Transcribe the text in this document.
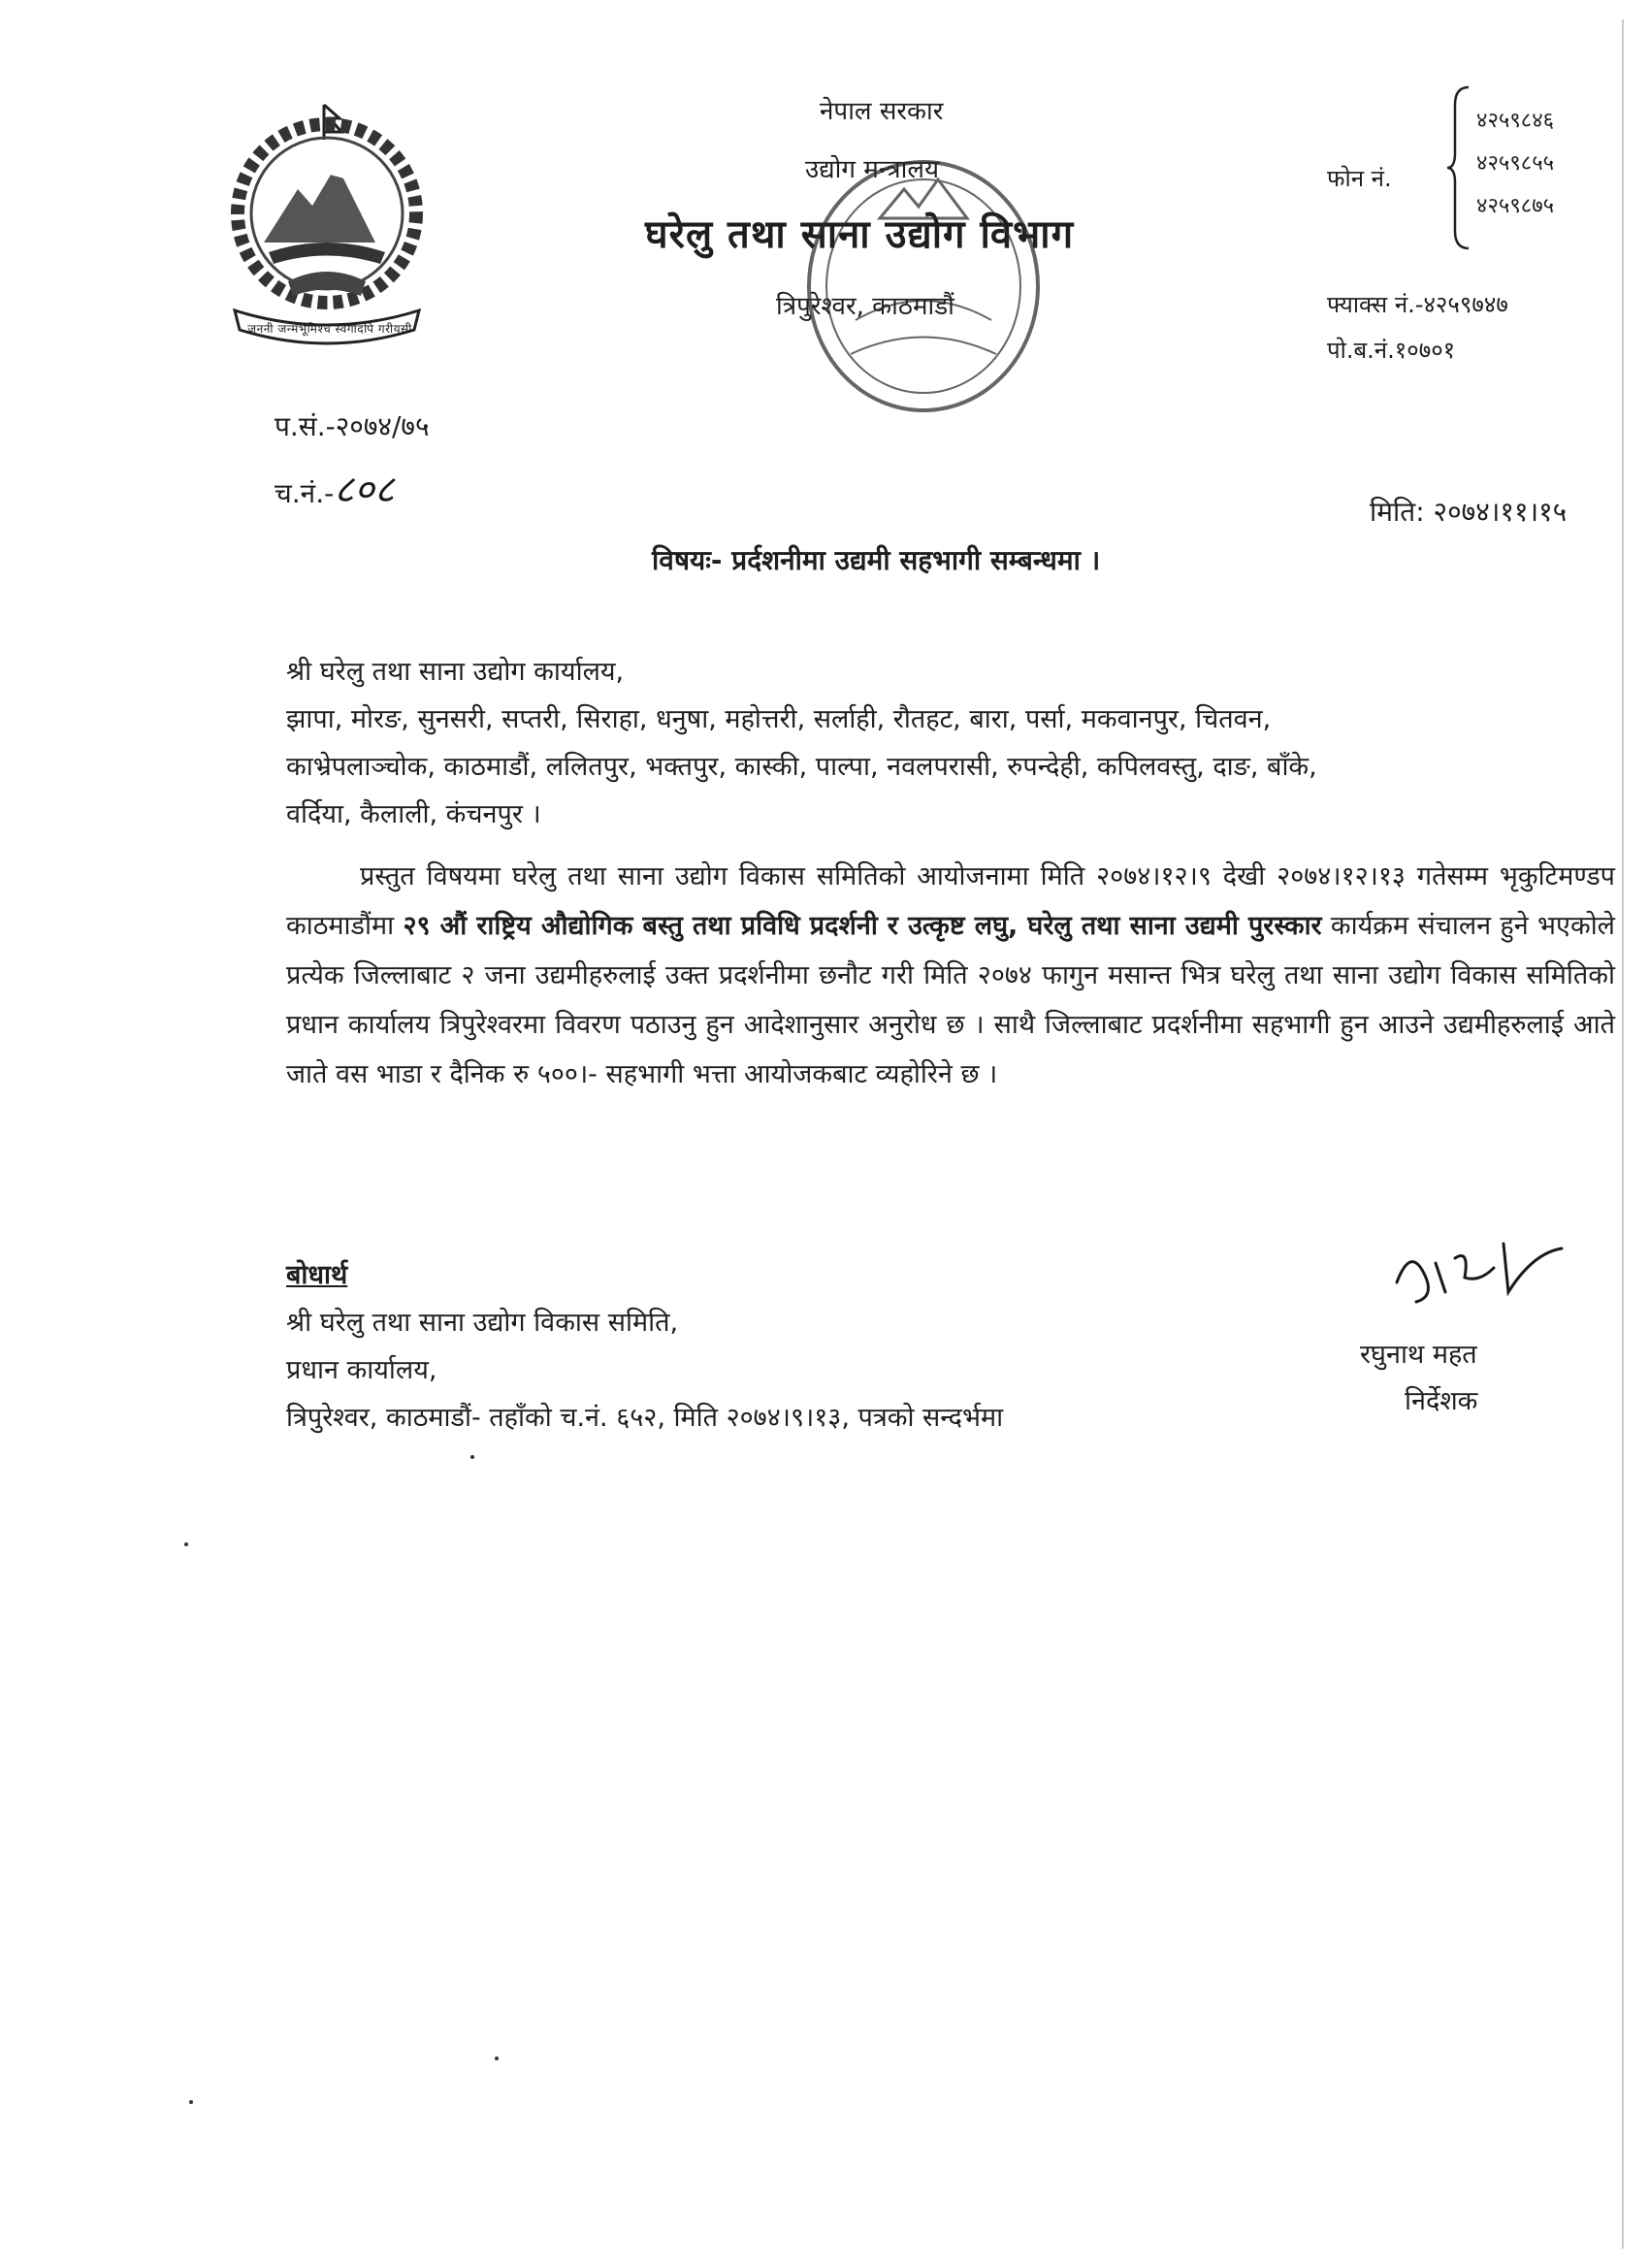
जननी जन्मभूमिश्च स्वर्गादपि गरीयसी
नेपाल सरकार
उद्योग मन्त्रालय
घरेलु तथा साना उद्योग विभाग
त्रिपुरेश्वर, काठमाडौं
फोन नं.
४२५९८४६
४२५९८५५
४२५९८७५
फ्याक्स नं.-४२५९७४७
पो.ब.नं.१०७०१
प.सं.-२०७४/७५
च.नं.-८०८	मिति: २०७४।११।१५
विषयः- प्रर्दशनीमा उद्यमी सहभागी सम्बन्धमा ।
श्री घरेलु तथा साना उद्योग कार्यालय,
झापा, मोरङ, सुनसरी, सप्तरी, सिराहा, धनुषा, महोत्तरी, सर्लाही, रौतहट, बारा, पर्सा, मकवानपुर, चितवन,
काभ्रेपलाञ्चोक, काठमाडौं, ललितपुर, भक्तपुर, कास्की, पाल्पा, नवलपरासी, रुपन्देही, कपिलवस्तु, दाङ, बाँके,
वर्दिया, कैलाली, कंचनपुर ।
प्रस्तुत विषयमा घरेलु तथा साना उद्योग विकास समितिको आयोजनामा मिति २०७४।१२।९ देखी २०७४।१२।१३ गतेसम्म भृकुटिमण्डप काठमाडौंमा २९ औं राष्ट्रिय औद्योगिक बस्तु तथा प्रविधि प्रदर्शनी र उत्कृष्ट लघु, घरेलु तथा साना उद्यमी पुरस्कार कार्यक्रम संचालन हुने भएकोले प्रत्येक जिल्लाबाट २ जना उद्यमीहरुलाई उक्त प्रदर्शनीमा छनौट गरी मिति २०७४ फागुन मसान्त भित्र घरेलु तथा साना उद्योग विकास समितिको प्रधान कार्यालय त्रिपुरेश्वरमा विवरण पठाउनु हुन आदेशानुसार अनुरोध छ । साथै जिल्लाबाट प्रदर्शनीमा सहभागी हुन आउने उद्यमीहरुलाई आते जाते वस भाडा र दैनिक रु ५००।- सहभागी भत्ता आयोजकबाट व्यहोरिने छ ।
बोधार्थ
श्री घरेलु तथा साना उद्योग विकास समिति,
प्रधान कार्यालय,
त्रिपुरेश्वर, काठमाडौं- तहाँको च.नं. ६५२, मिति २०७४।९।१३, पत्रको सन्दर्भमा
रघुनाथ महत
निर्देशक
